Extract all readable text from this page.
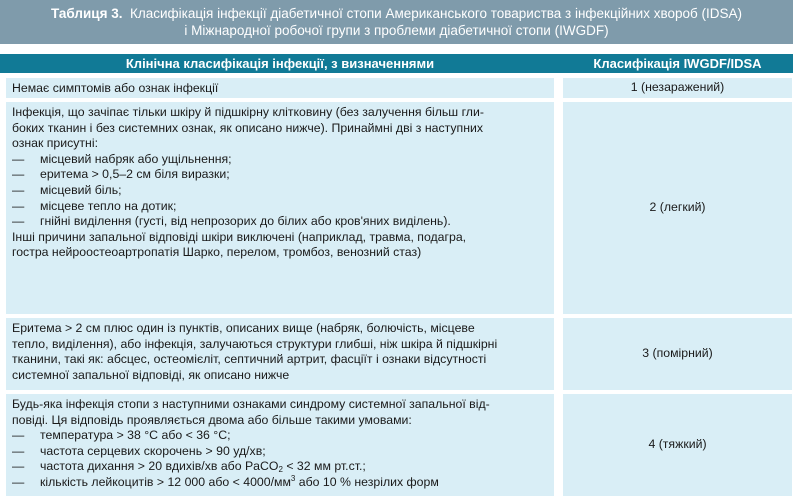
Таблиця 3. Класифікація інфекції діабетичної стопи Американського товариства з інфекційних хвороб (IDSA)
і Міжнародної робочої групи з проблеми діабетичної стопи (IWGDF)
Клінічна класифікація інфекції, з визначеннями	Класифікація IWGDF/IDSA
Немає симптомів або ознак інфекції	1 (незаражений)
Інфекція, що зачіпає тільки шкіру й підшкірну клітковину (без залучення більш гли-
боких тканин і без системних ознак, як описано нижче). Принаймні дві з наступних
ознак присутні:
— місцевий набряк або ущільнення;
— еритема > 0,5–2 см біля виразки;
— місцевий біль;
— місцеве тепло на дотик;
— гнійні виділення (густі, від непрозорих до білих або кров'яних виділень).
Інші причини запальної відповіді шкіри виключені (наприклад, травма, подагра,
гостра нейроостеоартропатія Шарко, перелом, тромбоз, венозний стаз)
2 (легкий)
Еритема > 2 см плюс один із пунктів, описаних вище (набряк, болючість, місцеве
тепло, виділення), або інфекція, залучаються структури глибші, ніж шкіра й підшкірні
тканини, такі як: абсцес, остеомієліт, септичний артрит, фасціїт і ознаки відсутності
системної запальної відповіді, як описано нижче
3 (помірний)
Будь-яка інфекція стопи з наступними ознаками синдрому системної запальної від-
повіді. Ця відповідь проявляється двома або більше такими умовами:
— температура > 38 °С або < 36 °С;
— частота серцевих скорочень > 90 уд/хв;
— частота дихання > 20 вдихів/хв або PaCO$_2$ < 32 мм рт.ст.;
— кількість лейкоцитів > 12 000 або < $4000/мм^3$ або 10 % незрілих форм
4 (тяжкий)
